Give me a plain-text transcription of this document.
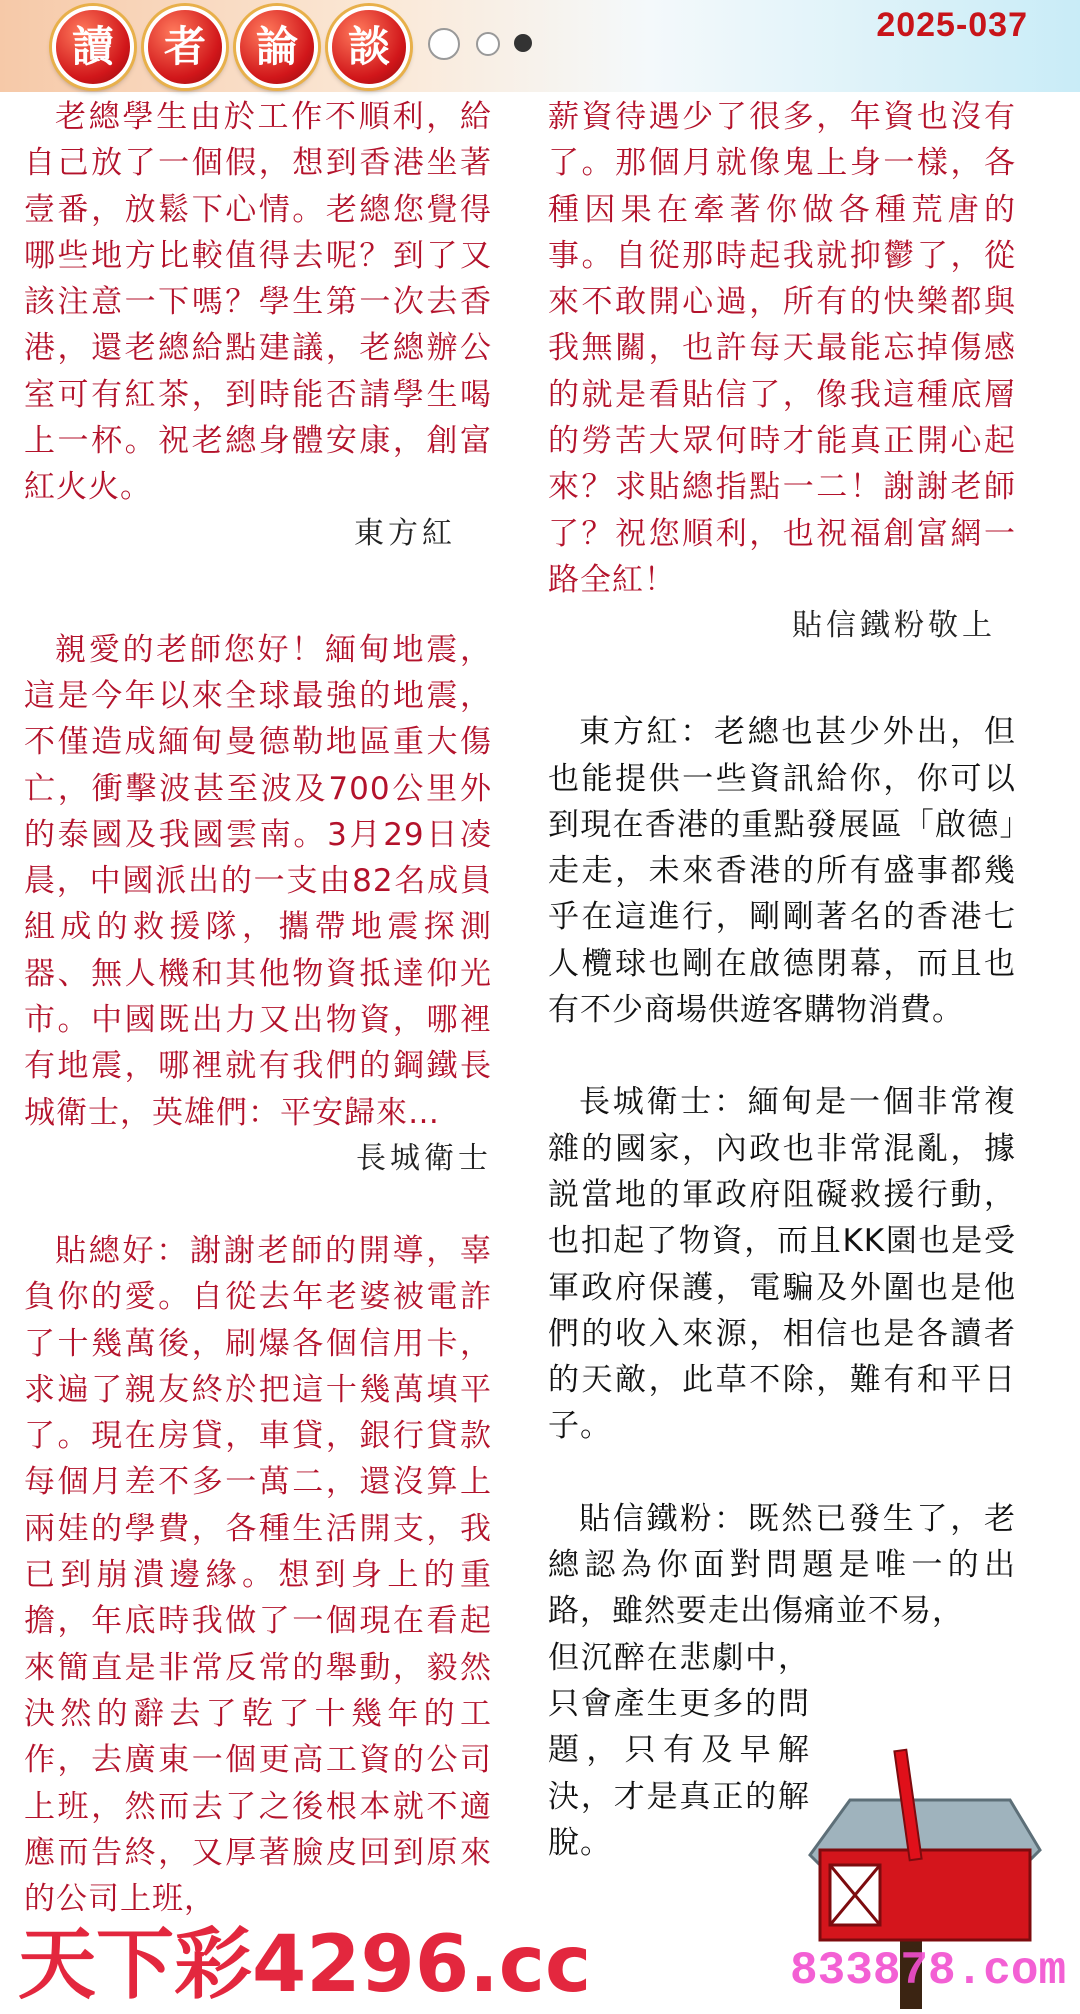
讀	者	論	談	2025-037

老總學生由於工作不順利，給自己放了一個假，想到香港坐著壹番，放鬆下心情。老總您覺得哪些地方比較值得去呢？到了又該注意一下嗎？學生第一次去香港，還老總給點建議，老總辦公室可有紅茶，到時能否請學生喝上一杯。祝老總身體安康，創富紅火火。

東方紅

親愛的老師您好！緬甸地震，這是今年以來全球最強的地震，不僅造成緬甸曼德勒地區重大傷亡，衝擊波甚至波及700公里外的泰國及我國雲南。3月29日凌晨，中國派出的一支由82名成員組成的救援隊，攜帶地震探測器、無人機和其他物資抵達仰光市。中國既出力又出物資，哪裡有地震，哪裡就有我們的鋼鐵長城衛士，英雄們：平安歸來…

長城衛士

貼總好：謝謝老師的開導，辜負你的愛。自從去年老婆被電詐了十幾萬後，刷爆各個信用卡，求遍了親友終於把這十幾萬填平了。現在房貸，車貸，銀行貸款每個月差不多一萬二，還沒算上兩娃的學費，各種生活開支，我已到崩潰邊緣。想到身上的重擔，年底時我做了一個現在看起來簡直是非常反常的舉動，毅然決然的辭去了乾了十幾年的工作，去廣東一個更高工資的公司上班，然而去了之後根本就不適應而告終，又厚著臉皮回到原來的公司上班，

薪資待遇少了很多，年資也沒有了。那個月就像鬼上身一樣，各種因果在牽著你做各種荒唐的事。自從那時起我就抑鬱了，從來不敢開心過，所有的快樂都與我無關，也許每天最能忘掉傷感的就是看貼信了，像我這種底層的勞苦大眾何時才能真正開心起來？求貼總指點一二！謝謝老師了？祝您順利，也祝福創富網一路全紅！

貼信鐵粉敬上

東方紅：老總也甚少外出，但也能提供一些資訊給你，你可以到現在香港的重點發展區「啟德」走走，未來香港的所有盛事都幾乎在這進行，剛剛著名的香港七人欖球也剛在啟德閉幕，而且也有不少商場供遊客購物消費。

長城衛士：緬甸是一個非常複雜的國家，內政也非常混亂，據説當地的軍政府阻礙救援行動，也扣起了物資，而且KK園也是受軍政府保護，電騙及外圍也是他們的收入來源，相信也是各讀者的天敵，此草不除，難有和平日子。

貼信鐵粉：既然已發生了，老總認為你面對問題是唯一的出路，雖然要走出傷痛並不易，

但沉醉在悲劇中，只會產生更多的問題，只有及早解決，才是真正的解脫。

天下彩4296.cc	833878.com
